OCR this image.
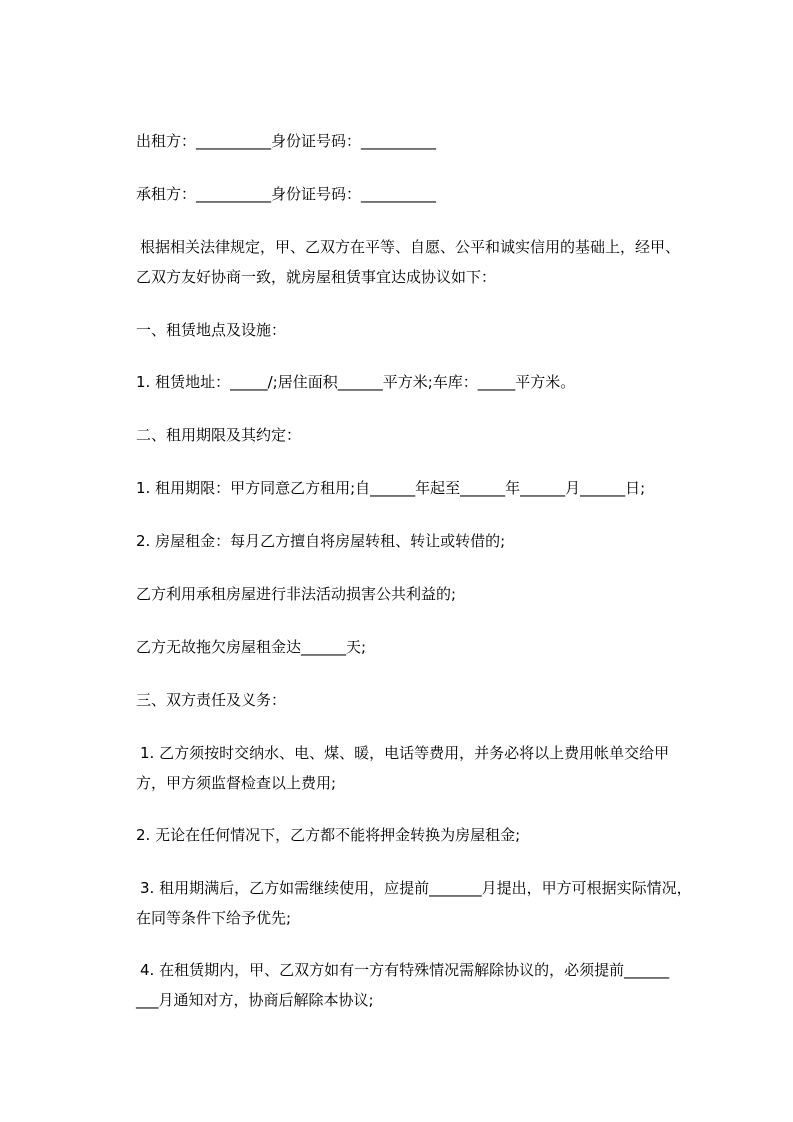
出租方：__________身份证号码：__________

承租方：__________身份证号码：__________

根据相关法律规定，甲、乙双方在平等、自愿、公平和诚实信用的基础上，经甲、

乙双方友好协商一致，就房屋租赁事宜达成协议如下：

一、租赁地点及设施：

1. 租赁地址：_____/;居住面积______平方米;车库：_____平方米。

二、租用期限及其约定：

1. 租用期限：甲方同意乙方租用;自______年起至______年______月______日;

2. 房屋租金：每月乙方擅自将房屋转租、转让或转借的;

乙方利用承租房屋进行非法活动损害公共利益的;

乙方无故拖欠房屋租金达______天;

三、双方责任及义务：

1. 乙方须按时交纳水、电、煤、暖，电话等费用，并务必将以上费用帐单交给甲

方，甲方须监督检查以上费用;

2. 无论在任何情况下，乙方都不能将押金转换为房屋租金;

3. 租用期满后，乙方如需继续使用，应提前_______月提出，甲方可根据实际情况，

在同等条件下给予优先;

4. 在租赁期内，甲、乙双方如有一方有特殊情况需解除协议的，必须提前______

___月通知对方，协商后解除本协议;
